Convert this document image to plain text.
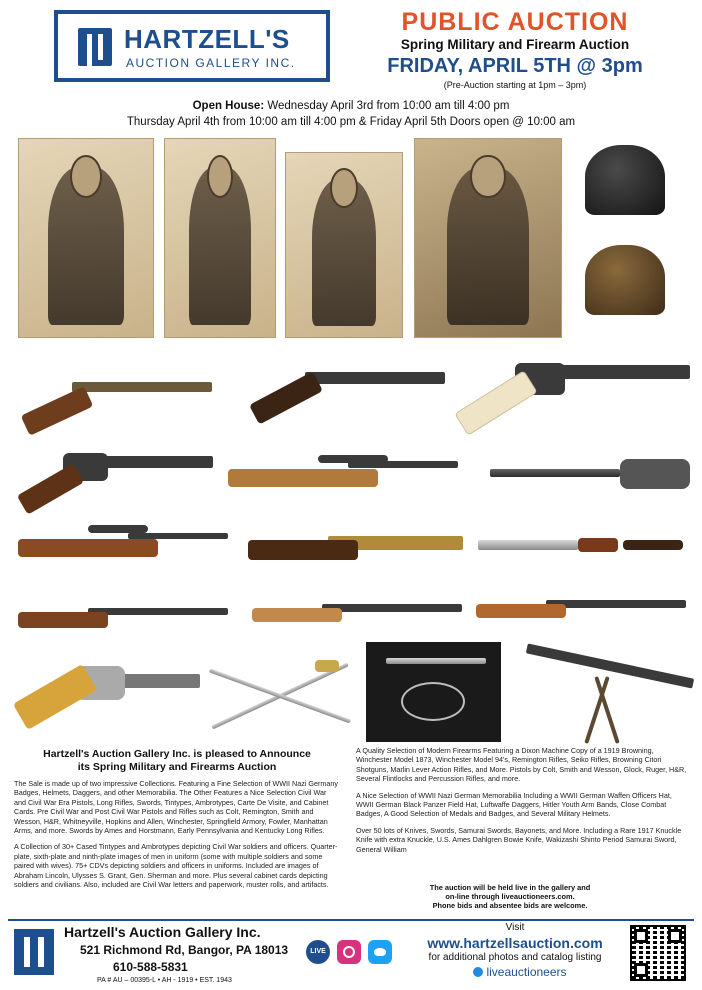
HARTZELL'S
AUCTION GALLERY INC.
PUBLIC AUCTION
Spring Military and Firearm Auction
FRIDAY, APRIL 5TH @ 3pm
(Pre-Auction starting at 1pm – 3pm)
Open House: Wednesday April 3rd from 10:00 am till 4:00 pm
Thursday April 4th from 10:00 am till 4:00 pm & Friday April 5th Doors open @ 10:00 am
Hartzell's Auction Gallery Inc. is pleased to Announce
its Spring Military and Firearms Auction

The Sale is made up of two impressive Collections. Featuring a Fine Selection of WWII Nazi Germany Badges, Helmets, Daggers, and other Memorabilia. The Other Features a Nice Selection Civil War and Civil War Era Pistols, Long Rifles, Swords, Tintypes, Ambrotypes, Carte De Visite, and Cabinet Cards. Pre Civil War and Post Civil War Pistols and Rifles such as Colt, Remington, Smith and Wesson, H&R, Whitneyville, Hopkins and Allen, Winchester, Springfield Armory, Fowler, Manhattan Arms, and more. Swords by Ames and Horstmann, Early Pennsylvania and Kentucky Long Rifles.

A Collection of 30+ Cased Tintypes and Ambrotypes depicting Civil War soldiers and officers. Quarter-plate, sixth-plate and ninth-plate images of men in uniform (some with multiple soldiers and some paired with wives). 75+ CDVs depicting soldiers and officers in uniforms. Included are images of Abraham Lincoln, Ulysses S. Grant, Gen. Sherman and more. Plus several cabinet cards depicting soldiers and civilians. Also, included are Civil War letters and paperwork, muster rolls, and artifacts.

A Quality Selection of Modern Firearms Featuring a Dixon Machine Copy of a 1919 Browning, Winchester Model 1873, Winchester Model 94's, Remington Rifles, Seiko Rifles, Browning Citori Shotguns, Marlin Lever Action Rifles, and More. Pistols by Colt, Smith and Wesson, Glock, Ruger, H&R, Several Flintlocks and Percussion Rifles, and more.

A Nice Selection of WWII Nazi German Memorabilia Including a WWII German Waffen Officers Hat, WWII German Black Panzer Field Hat, Luftwaffe Daggers, Hitler Youth Arm Bands, Close Combat Badges, A Good Selection of Medals and Badges, and Several Military Helmets.

Over 50 lots of Knives, Swords, Samurai Swords, Bayonets, and More. Including a Rare 1917 Knuckle Knife with extra Knuckle, U.S. Ames Dahlgren Bowie Knife, Wakizashi Shinto Period Samurai Sword, General William

The auction will be held live in the gallery and
on-line through liveauctioneers.com.
Phone bids and absentee bids are welcome.
Hartzell's Auction Gallery Inc.
521 Richmond Rd, Bangor, PA 18013
610-588-5831
PA # AU – 00395-L • AH - 1919 • EST. 1943
LIVE
Visit
www.hartzellsauction.com
for additional photos and catalog listing
liveauctioneers
